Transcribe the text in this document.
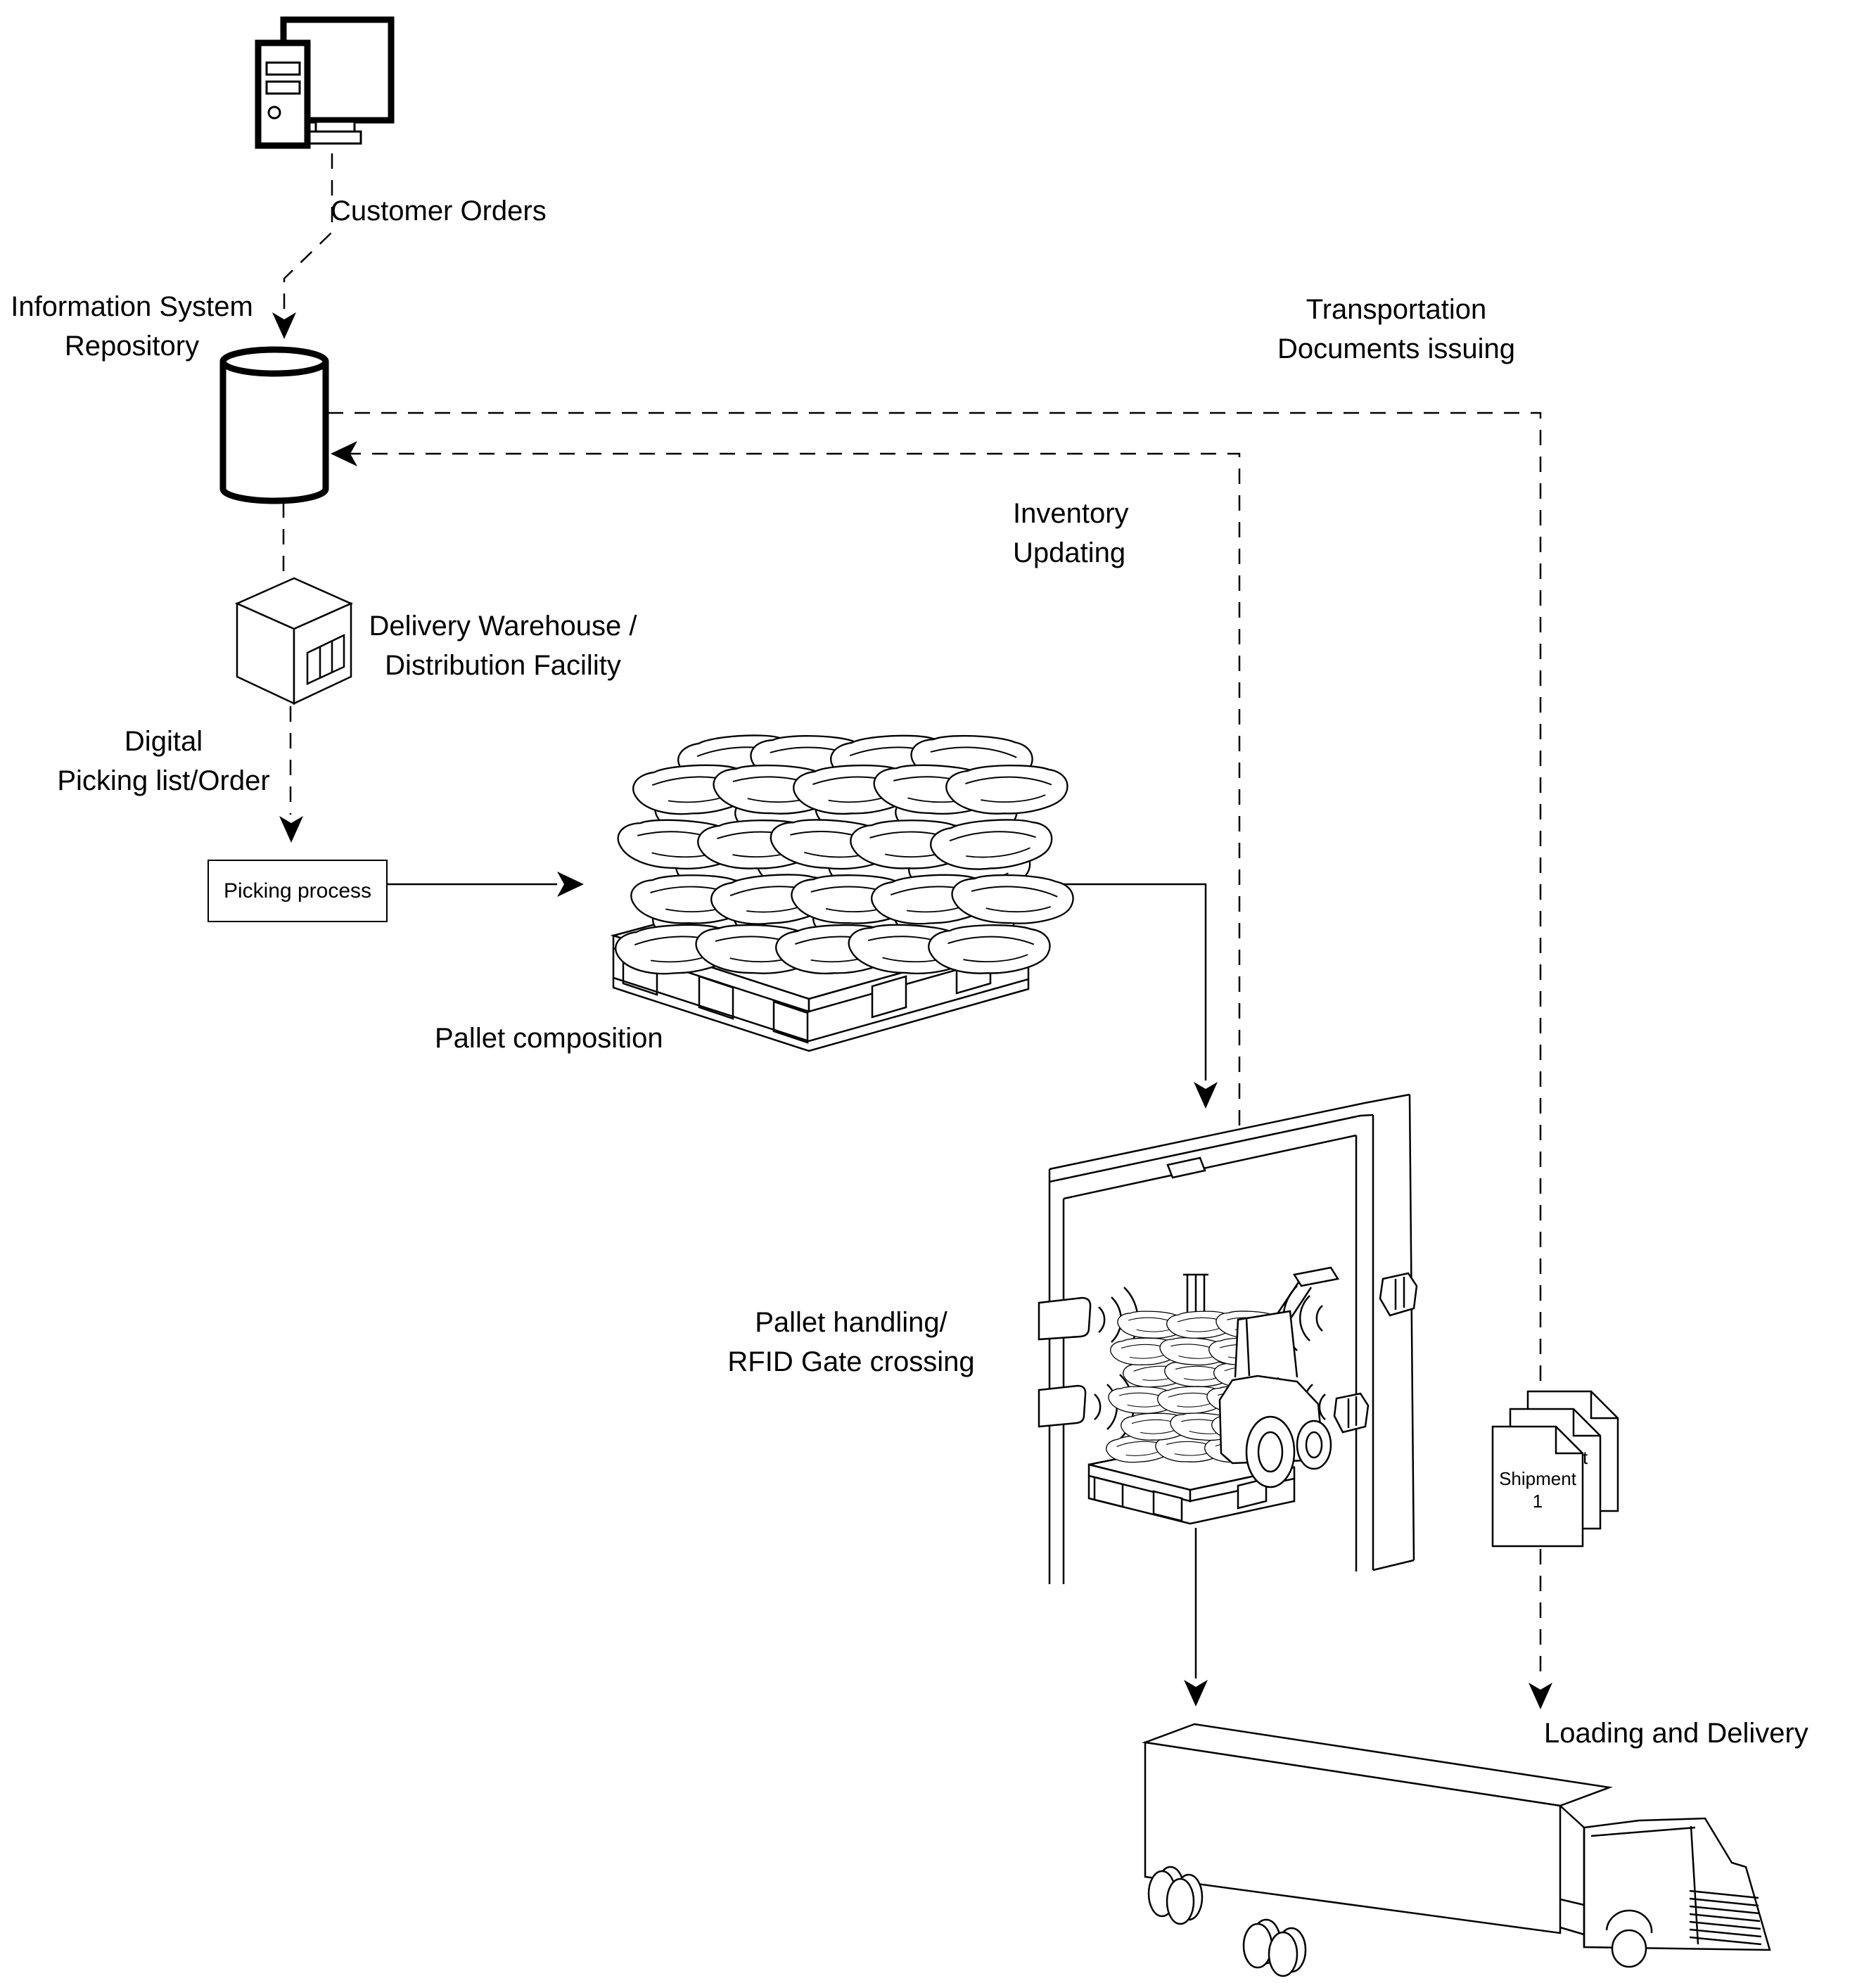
Customer Orders
Information System
Repository
Transportation
Documents issuing
Inventory
Updating
Delivery Warehouse /
Distribution Facility
Digital
Picking list/Order
Picking process
Pallet composition
Pallet handling/
RFID Gate crossing
t
Shipment
1
Loading and Delivery
